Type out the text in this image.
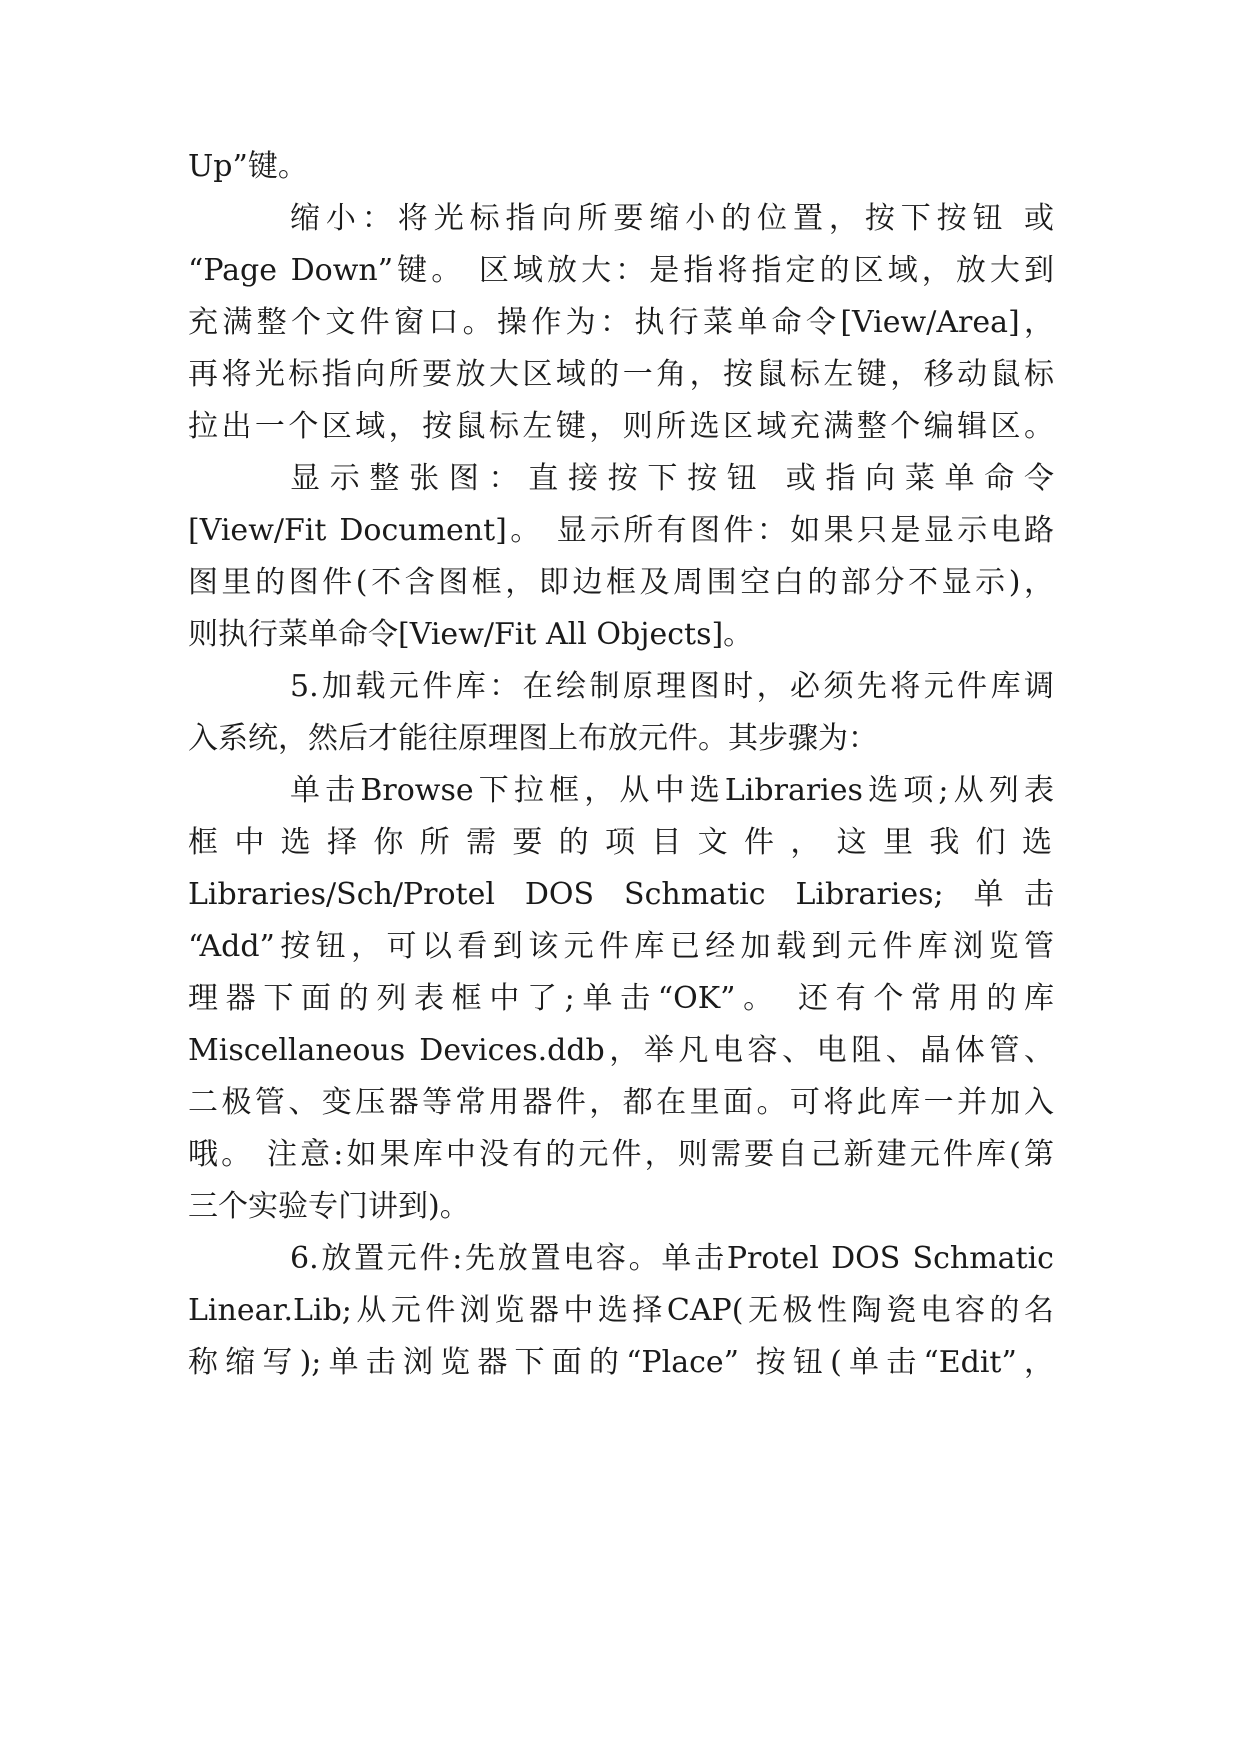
Up”键。
缩小：将光标指向所要缩小的位置，按下按钮 或
“Page Down”键。 区域放大：是指将指定的区域，放大到
充满整个文件窗口。操作为：执行菜单命令[View/Area]，
再将光标指向所要放大区域的一角，按鼠标左键，移动鼠标
拉出一个区域，按鼠标左键，则所选区域充满整个编辑区。
显示整张图：直接按下按钮 或指向菜单命令
[View/Fit Document]。 显示所有图件：如果只是显示电路
图里的图件(不含图框，即边框及周围空白的部分不显示)，
则执行菜单命令[View/Fit All Objects]。
5.加载元件库：在绘制原理图时，必须先将元件库调
入系统，然后才能往原理图上布放元件。其步骤为：
单击Browse下拉框，从中选Libraries选项;从列表
框中选择你所需要的项目文件，这里我们选
Libraries/Sch/Protel DOS Schmatic Libraries; 单击
“Add”按钮，可以看到该元件库已经加载到元件库浏览管
理器下面的列表框中了;单击“OK”。 还有个常用的库
Miscellaneous Devices.ddb，举凡电容、电阻、晶体管、
二极管、变压器等常用器件，都在里面。可将此库一并加入
哦。 注意:如果库中没有的元件，则需要自己新建元件库(第
三个实验专门讲到)。
6.放置元件:先放置电容。单击Protel DOS Schmatic
Linear.Lib;从元件浏览器中选择CAP(无极性陶瓷电容的名
称缩写);单击浏览器下面的“Place” 按钮(单击“Edit”，
